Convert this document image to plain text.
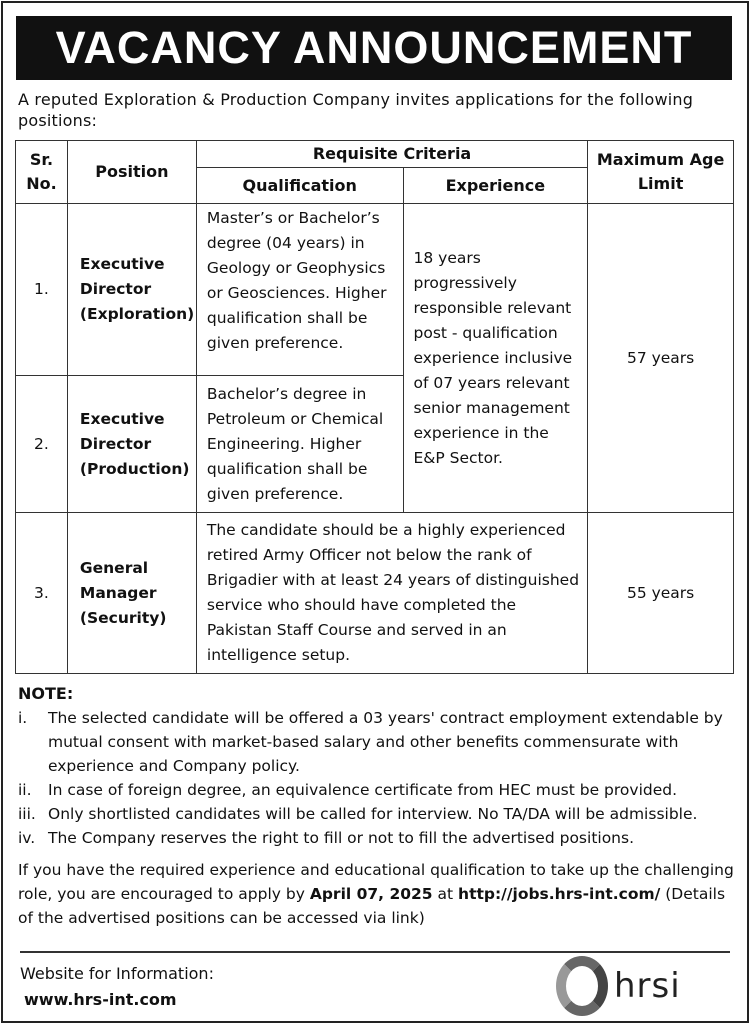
VACANCY ANNOUNCEMENT
A reputed Exploration & Production Company invites applications for the following positions:
Sr. No.	Position	Requisite Criteria		Maximum Age Limit
		Qualification	Experience	
1.	Executive Director (Exploration)	Master’s or Bachelor’s degree (04 years) in Geology or Geophysics or Geosciences. Higher qualification shall be given preference.	18 years progressively responsible relevant post - qualification experience inclusive of 07 years relevant senior management experience in the E&P Sector.	57 years
2.	Executive Director (Production)	Bachelor’s degree in Petroleum or Chemical Engineering. Higher qualification shall be given preference.		
3.	General Manager (Security)	The candidate should be a highly experienced retired Army Officer not below the rank of Brigadier with at least 24 years of distinguished service who should have completed the Pakistan Staff Course and served in an intelligence setup.		55 years
NOTE:
i.	The selected candidate will be offered a 03 years' contract employment extendable by mutual consent with market-based salary and other benefits commensurate with experience and Company policy.
ii.	In case of foreign degree, an equivalence certificate from HEC must be provided.
iii. Only shortlisted candidates will be called for interview. No TA/DA will be admissible.
iv. The Company reserves the right to fill or not to fill the advertised positions.
If you have the required experience and educational qualification to take up the challenging role, you are encouraged to apply by April 07, 2025 at http://jobs.hrs-int.com/ (Details of the advertised positions can be accessed via link)
Website for Information:
www.hrs-int.com	hrsi
